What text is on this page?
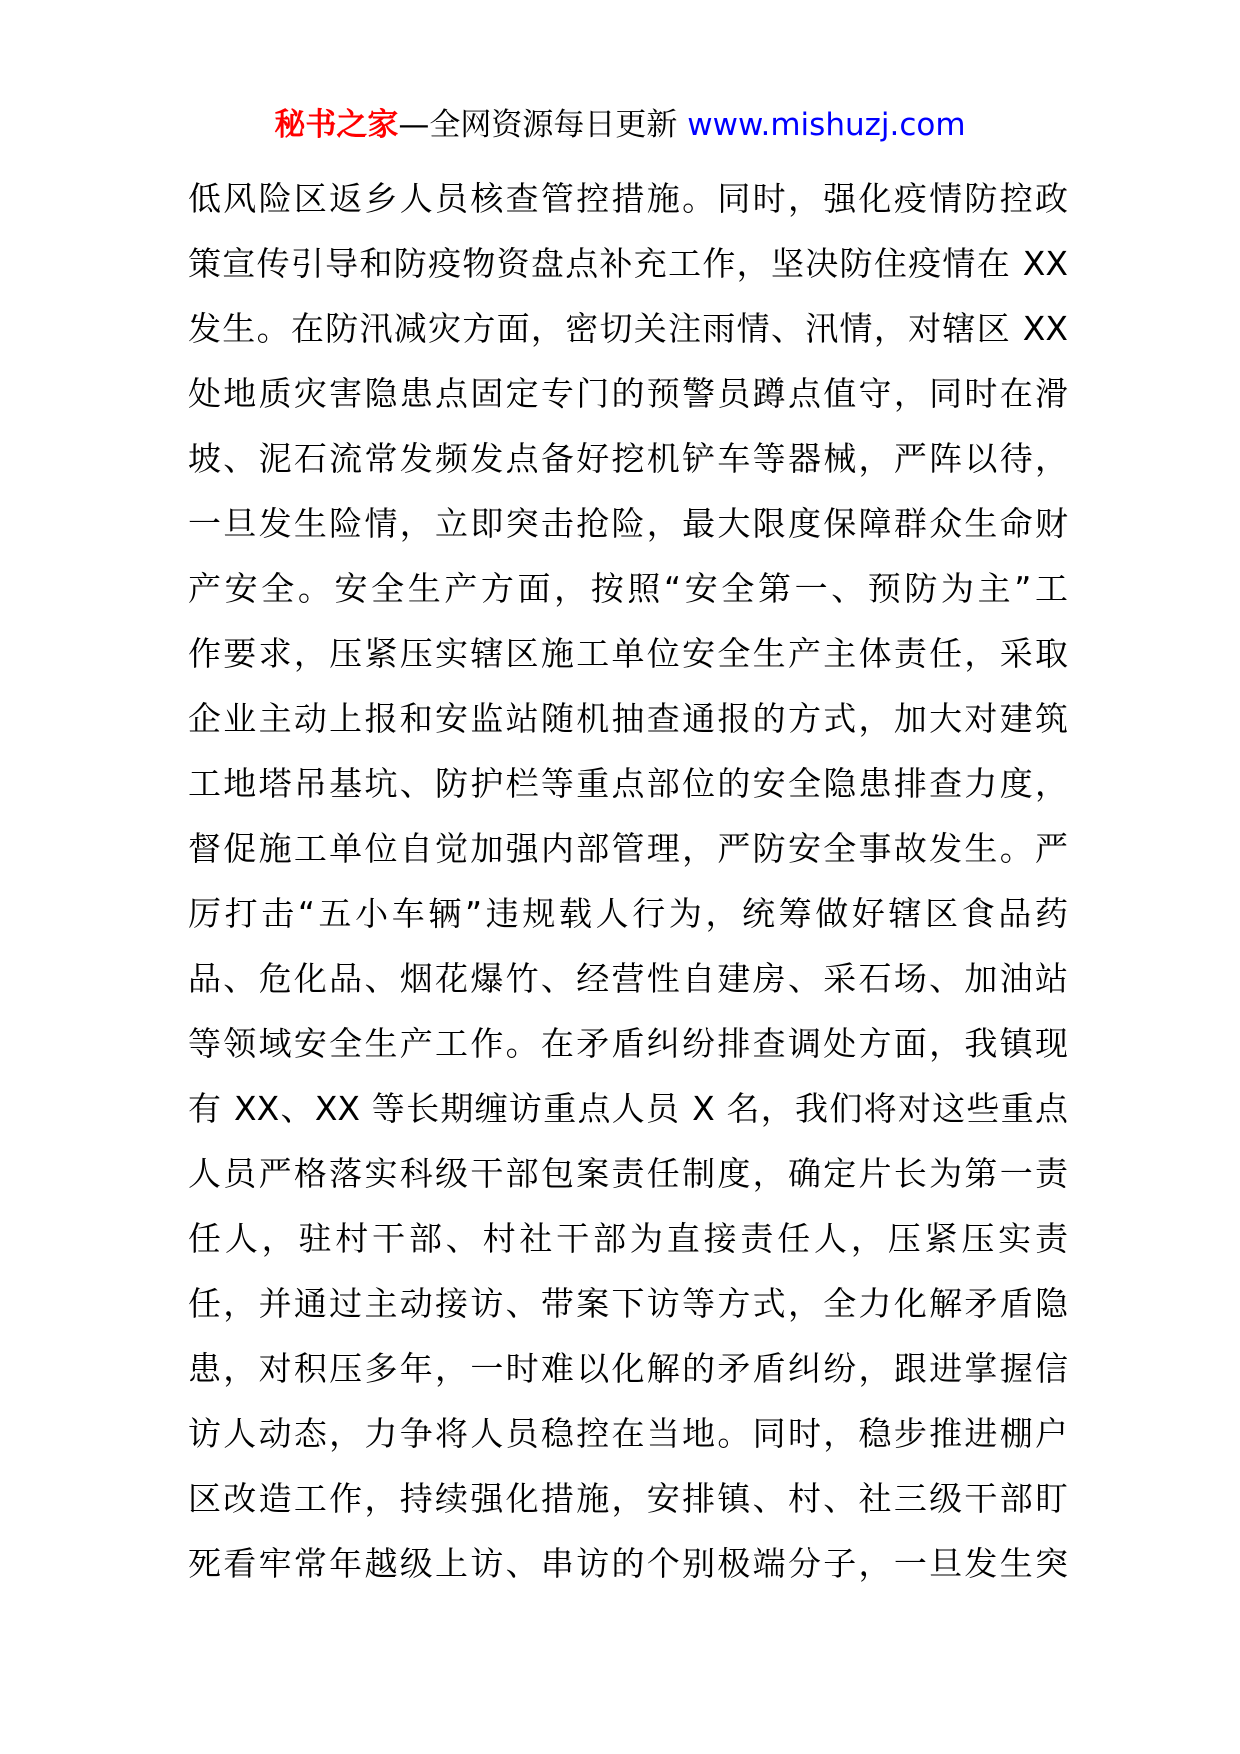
秘书之家—全网资源每日更新 www.mishuzj.com
低风险区返乡人员核查管控措施。同时，强化疫情防控政
策宣传引导和防疫物资盘点补充工作，坚决防住疫情在 XX
发生。在防汛减灾方面，密切关注雨情、汛情，对辖区 XX
处地质灾害隐患点固定专门的预警员蹲点值守，同时在滑
坡、泥石流常发频发点备好挖机铲车等器械，严阵以待，
一旦发生险情，立即突击抢险，最大限度保障群众生命财
产安全。安全生产方面，按照“安全第一、预防为主”工
作要求，压紧压实辖区施工单位安全生产主体责任，采取
企业主动上报和安监站随机抽查通报的方式，加大对建筑
工地塔吊基坑、防护栏等重点部位的安全隐患排查力度，
督促施工单位自觉加强内部管理，严防安全事故发生。严
厉打击“五小车辆”违规载人行为，统筹做好辖区食品药
品、危化品、烟花爆竹、经营性自建房、采石场、加油站
等领域安全生产工作。在矛盾纠纷排查调处方面，我镇现
有 XX、XX 等长期缠访重点人员 X 名，我们将对这些重点
人员严格落实科级干部包案责任制度，确定片长为第一责
任人，驻村干部、村社干部为直接责任人，压紧压实责
任，并通过主动接访、带案下访等方式，全力化解矛盾隐
患，对积压多年，一时难以化解的矛盾纠纷，跟进掌握信
访人动态，力争将人员稳控在当地。同时，稳步推进棚户
区改造工作，持续强化措施，安排镇、村、社三级干部盯
死看牢常年越级上访、串访的个别极端分子，一旦发生突
